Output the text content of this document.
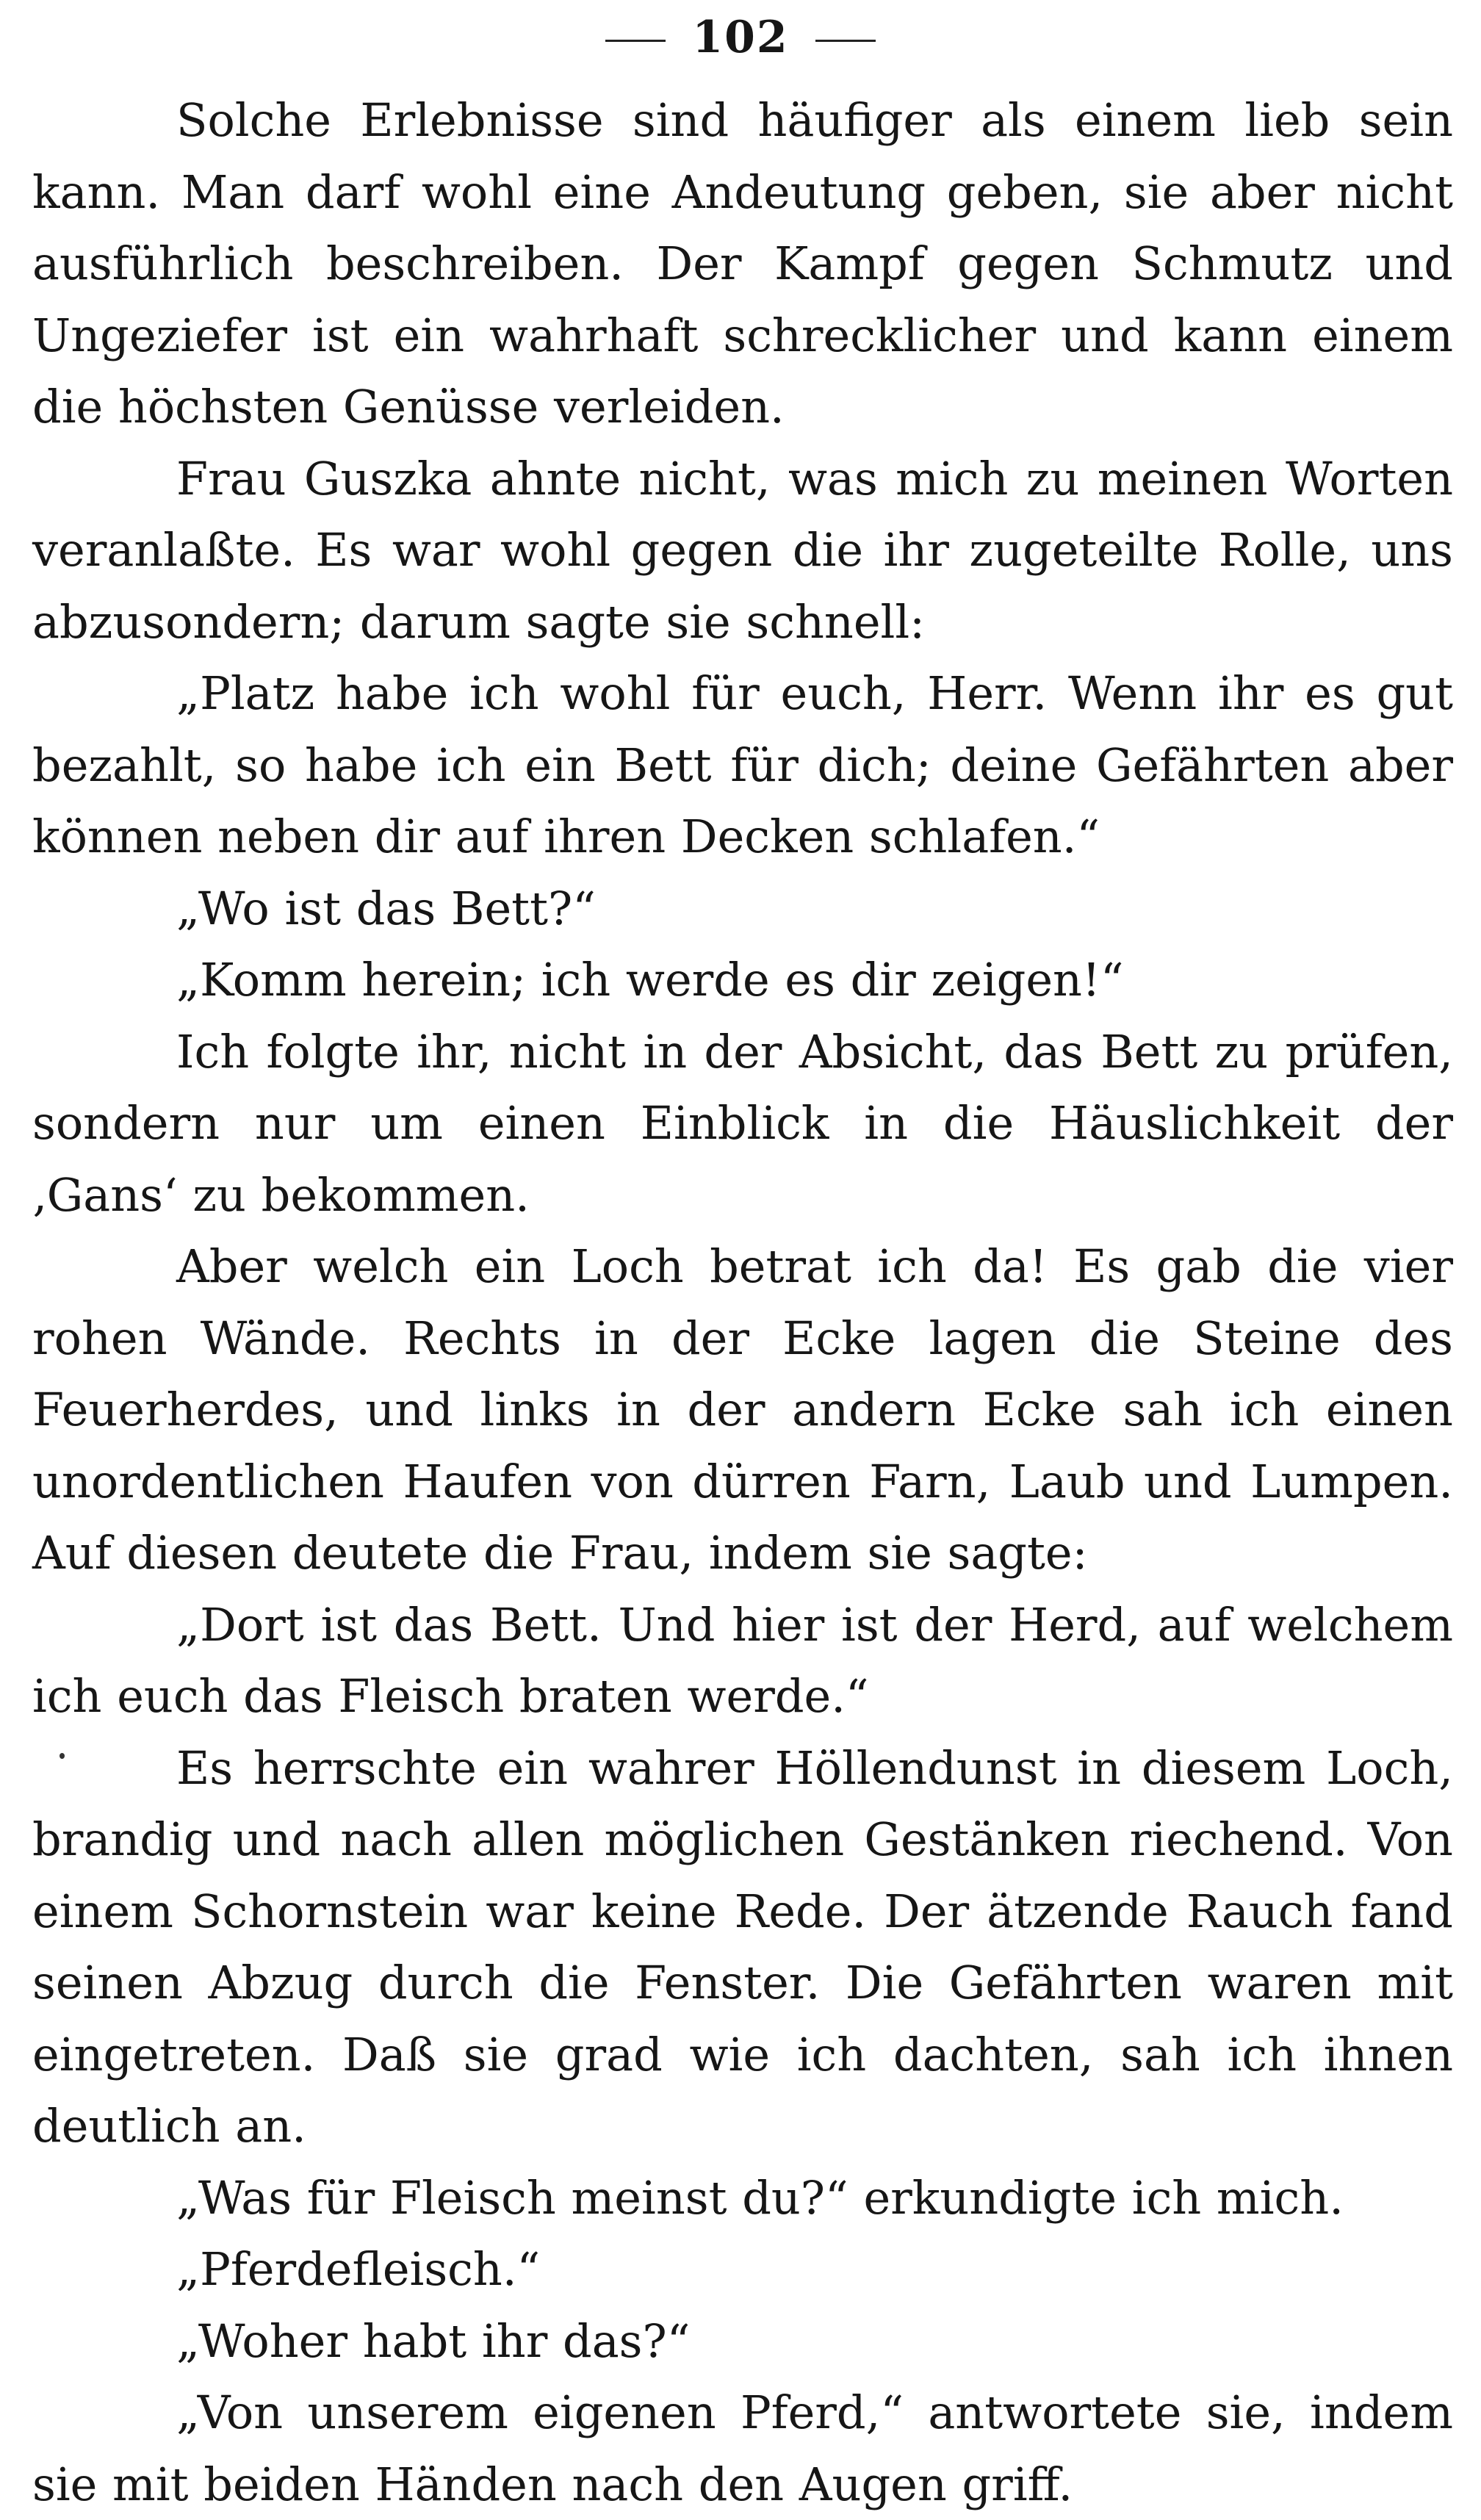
102

Solche Erlebnisse sind häufiger als einem lieb sein kann. Man darf wohl eine Andeutung geben, sie aber nicht ausführlich beschreiben. Der Kampf gegen Schmutz und Ungeziefer ist ein wahrhaft schrecklicher und kann einem die höchsten Genüsse verleiden.

Frau Guszka ahnte nicht, was mich zu meinen Worten veranlaßte. Es war wohl gegen die ihr zugeteilte Rolle, uns abzusondern; darum sagte sie schnell:

„Platz habe ich wohl für euch, Herr. Wenn ihr es gut bezahlt, so habe ich ein Bett für dich; deine Gefährten aber können neben dir auf ihren Decken schlafen.“

„Wo ist das Bett?“

„Komm herein; ich werde es dir zeigen!“

Ich folgte ihr, nicht in der Absicht, das Bett zu prüfen, sondern nur um einen Einblick in die Häuslichkeit der ‚Gans‘ zu bekommen.

Aber welch ein Loch betrat ich da! Es gab die vier rohen Wände. Rechts in der Ecke lagen die Steine des Feuerherdes, und links in der andern Ecke sah ich einen unordentlichen Haufen von dürren Farn, Laub und Lumpen. Auf diesen deutete die Frau, indem sie sagte:

„Dort ist das Bett. Und hier ist der Herd, auf welchem ich euch das Fleisch braten werde.“

Es herrschte ein wahrer Höllendunst in diesem Loch, brandig und nach allen möglichen Gestänken riechend. Von einem Schornstein war keine Rede. Der ätzende Rauch fand seinen Abzug durch die Fenster. Die Gefährten waren mit eingetreten. Daß sie grad wie ich dachten, sah ich ihnen deutlich an.

„Was für Fleisch meinst du?“ erkundigte ich mich.

„Pferdefleisch.“

„Woher habt ihr das?“

„Von unserem eigenen Pferd,“ antwortete sie, indem sie mit beiden Händen nach den Augen griff.
